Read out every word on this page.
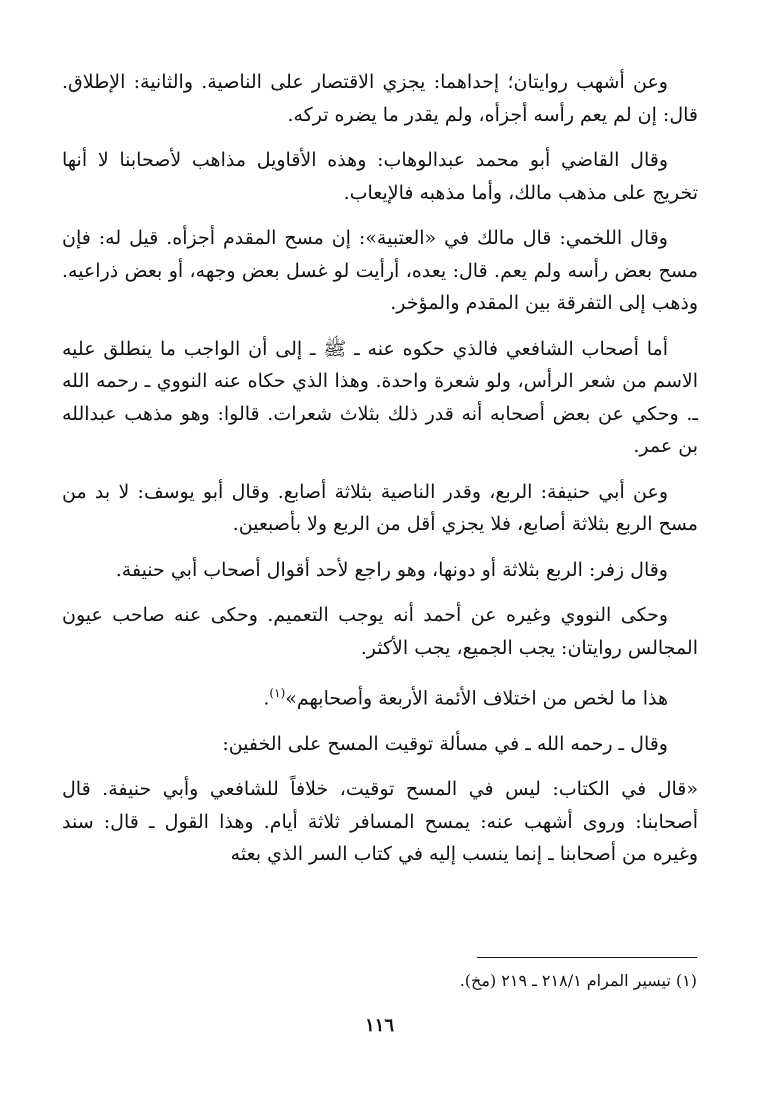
وعن أشهب روايتان؛ إحداهما: يجزي الاقتصار على الناصية. والثانية: الإطلاق. قال: إن لم يعم رأسه أجزأه، ولم يقدر ما يضره تركه.

وقال القاضي أبو محمد عبدالوهاب: وهذه الأقاويل مذاهب لأصحابنا لا أنها تخريج على مذهب مالك، وأما مذهبه فالإيعاب.

وقال اللخمي: قال مالك في «العتبية»: إن مسح المقدم أجزأه. قيل له: فإن مسح بعض رأسه ولم يعم. قال: يعده، أرأيت لو غسل بعض وجهه، أو بعض ذراعيه. وذهب إلى التفرقة بين المقدم والمؤخر.

أما أصحاب الشافعي فالذي حكوه عنه ـ ﷺ ـ إلى أن الواجب ما ينطلق عليه الاسم من شعر الرأس، ولو شعرة واحدة. وهذا الذي حكاه عنه النووي ـ رحمه الله ـ. وحكي عن بعض أصحابه أنه قدر ذلك بثلاث شعرات. قالوا: وهو مذهب عبدالله بن عمر.

وعن أبي حنيفة: الربع، وقدر الناصية بثلاثة أصابع. وقال أبو يوسف: لا بد من مسح الربع بثلاثة أصابع، فلا يجزي أقل من الربع ولا بأصبعين.

وقال زفر: الربع بثلاثة أو دونها، وهو راجع لأحد أقوال أصحاب أبي حنيفة.

وحكى النووي وغيره عن أحمد أنه يوجب التعميم. وحكى عنه صاحب عيون المجالس روايتان: يجب الجميع، يجب الأكثر.

هذا ما لخص من اختلاف الأئمة الأربعة وأصحابهم»$^{(١)}$.

وقال ـ رحمه الله ـ في مسألة توقيت المسح على الخفين:

«قال في الكتاب: ليس في المسح توقيت، خلافاً للشافعي وأبي حنيفة. قال أصحابنا: وروى أشهب عنه: يمسح المسافر ثلاثة أيام. وهذا القول ـ قال: سند وغيره من أصحابنا ـ إنما ينسب إليه في كتاب السر الذي بعثه

(١) تيسير المرام ٢١٨/١ ـ ٢١٩ (مخ).
١١٦
